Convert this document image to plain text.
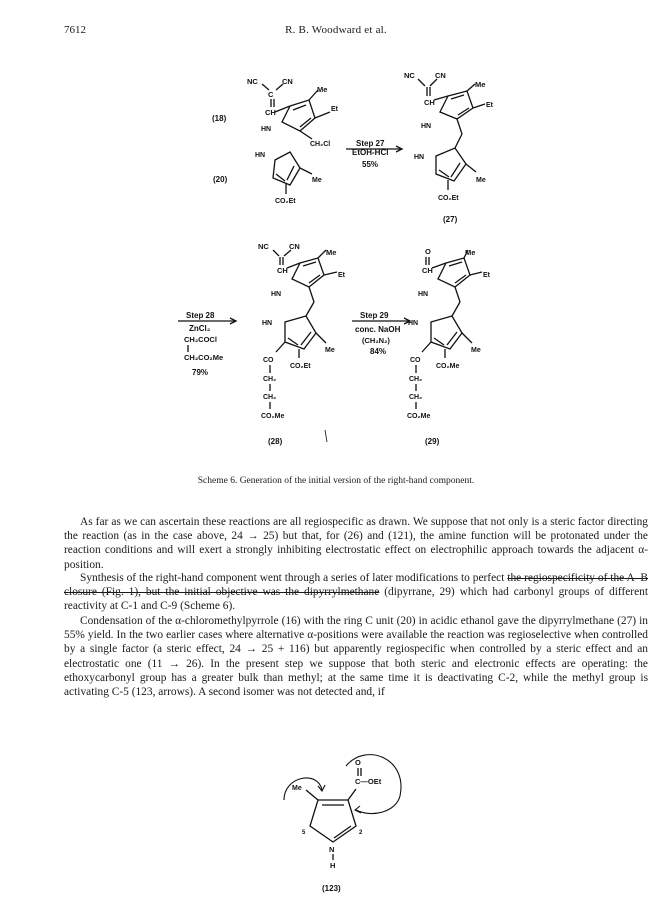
7612	R. B. Woodward et al.
NC	CN
C
CH
Me
Et
HN
CH₂Cl
HN
Me
CO₂Et
(18)
(20)
Step 27
EtOH-HCl
55%
NC	CN
CH
Me
Et
HN
HN
Me
CO₂Et
(27)
NC	CN
CH
Me
Et
HN
HN
Me
CO₂Et
CO
CH₂
CH₂
CO₂Me
(28)
Step 28
ZnCl₂
CH₂COCl
CH₂CO₂Me
79%
Step 29
conc. NaOH
(CH₂N₂)
84%
O
CH
Me
Et
HN
HN
Me
CO₂Me
CO
CH₂
CH₂
CO₂Me
(29)
Scheme 6. Generation of the initial version of the right-hand component.

As far as we can ascertain these reactions are all regiospecific as drawn. We suppose that not only is a steric factor directing the reaction (as in the case above, 24 → 25) but that, for (26) and (121), the amine function will be protonated under the reaction conditions and will exert a strongly inhibiting electrostatic effect on electrophilic approach towards the adjacent α-position.

Synthesis of the right-hand component went through a series of later modifications to perfect the regiospecificity of the A–B closure (Fig. 1), but the initial objective was the dipyrrylmethane (dipyrrane, 29) which had carbonyl groups of different reactivity at C-1 and C-9 (Scheme 6).

Condensation of the α-chloromethylpyrrole (16) with the ring C unit (20) in acidic ethanol gave the dipyrrylmethane (27) in 55% yield. In the two earlier cases where alternative α-positions were available the reaction was regioselective when controlled by a single factor (a steric effect, 24 → 25 + 116) but apparently regiospecific when controlled by a steric effect and an electrostatic one (11 → 26). In the present step we suppose that both steric and electronic effects are operating: the ethoxycarbonyl group has a greater bulk than methyl; at the same time it is deactivating C-2, while the methyl group is activating C-5 (123, arrows). A second isomer was not detected and, if

Me
C—OEt
O
N
H
5	2
(123)
